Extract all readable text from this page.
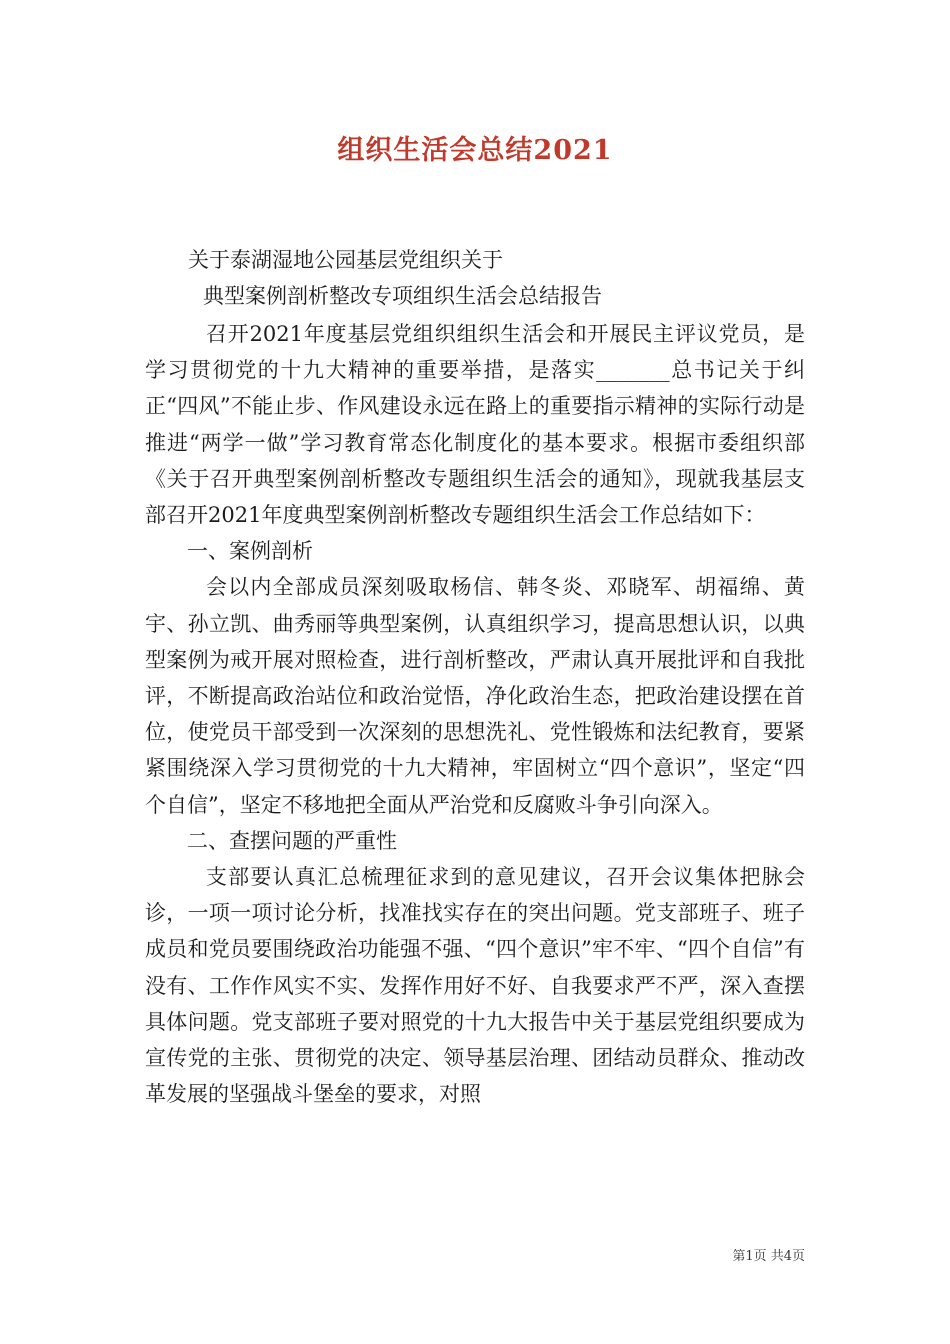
组织生活会总结2021
关于泰湖湿地公园基层党组织关于
典型案例剖析整改专项组织生活会总结报告

召开2021年度基层党组织组织生活会和开展民主评议党员，是学习贯彻党的十九大精神的重要举措，是落实_______总书记关于纠正“四风”不能止步、作风建设永远在路上的重要指示精神的实际行动是推进“两学一做”学习教育常态化制度化的基本要求。根据市委组织部《关于召开典型案例剖析整改专题组织生活会的通知》，现就我基层支部召开2021年度典型案例剖析整改专题组织生活会工作总结如下：

一、案例剖析

会以内全部成员深刻吸取杨信、韩冬炎、邓晓军、胡福绵、黄宇、孙立凯、曲秀丽等典型案例，认真组织学习，提高思想认识，以典型案例为戒开展对照检查，进行剖析整改，严肃认真开展批评和自我批评，不断提高政治站位和政治觉悟，净化政治生态，把政治建设摆在首位，使党员干部受到一次深刻的思想洗礼、党性锻炼和法纪教育，要紧紧围绕深入学习贯彻党的十九大精神，牢固树立“四个意识”，坚定“四个自信”，坚定不移地把全面从严治党和反腐败斗争引向深入。

二、查摆问题的严重性

支部要认真汇总梳理征求到的意见建议，召开会议集体把脉会诊，一项一项讨论分析，找准找实存在的突出问题。党支部班子、班子成员和党员要围绕政治功能强不强、“四个意识”牢不牢、“四个自信”有没有、工作作风实不实、发挥作用好不好、自我要求严不严，深入查摆具体问题。党支部班子要对照党的十九大报告中关于基层党组织要成为宣传党的主张、贯彻党的决定、领导基层治理、团结动员群众、推动改革发展的坚强战斗堡垒的要求，对照

第1页 共4页
